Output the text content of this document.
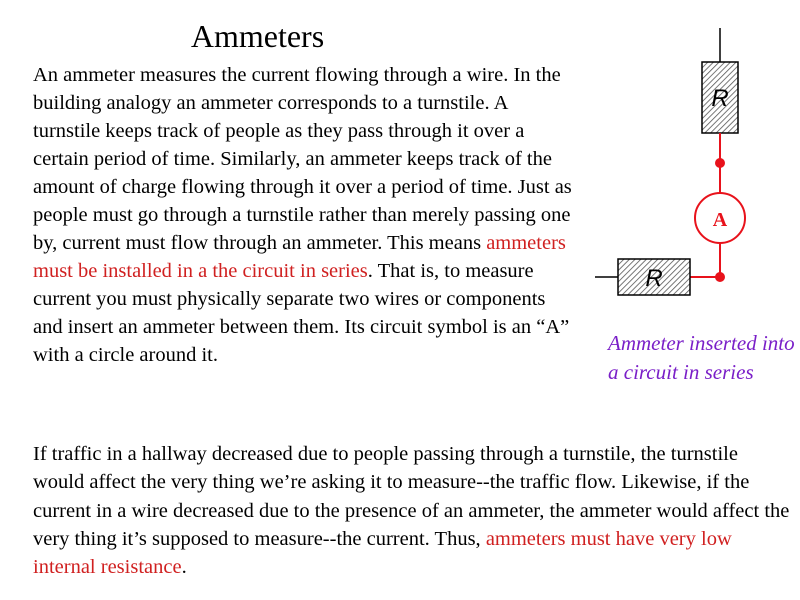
Ammeters
An ammeter measures the current flowing through a wire. In the building analogy an ammeter corresponds to a turnstile. A turnstile keeps track of people as they pass through it over a certain period of time. Similarly, an ammeter keeps track of the amount of charge flowing through it over a period of time. Just as people must go through a turnstile rather than merely passing one by, current must flow through an ammeter. This means ammeters must be installed in a the circuit in series. That is, to measure current you must physically separate two wires or components and insert an ammeter between them. Its circuit symbol is an “A” with a circle around it.
R
A
R
Ammeter inserted into a circuit in series
If traffic in a hallway decreased due to people passing through a turnstile, the turnstile would affect the very thing we’re asking it to measure--the traffic flow. Likewise, if the current in a wire decreased due to the presence of an ammeter, the ammeter would affect the very thing it’s supposed to measure--the current. Thus, ammeters must have very low internal resistance.
